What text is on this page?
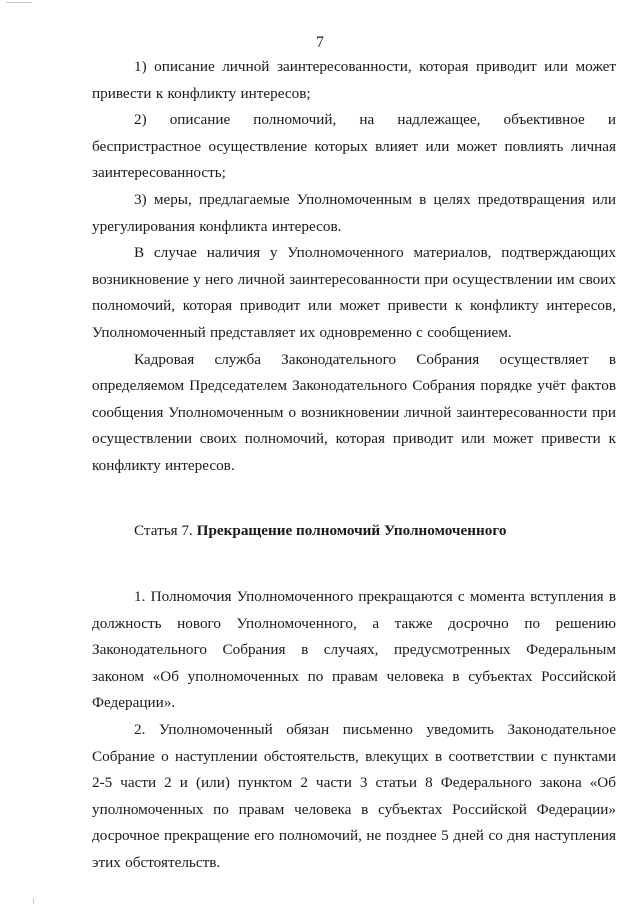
7

1) описание личной заинтересованности, которая приводит или может привести к конфликту интересов;

2) описание полномочий, на надлежащее, объективное и беспристрастное осуществление которых влияет или может повлиять личная заинтересованность;

3) меры, предлагаемые Уполномоченным в целях предотвращения или урегулирования конфликта интересов.

В случае наличия у Уполномоченного материалов, подтверждающих возникновение у него личной заинтересованности при осуществлении им своих полномочий, которая приводит или может привести к конфликту интересов, Уполномоченный представляет их одновременно с сообщением.

Кадровая служба Законодательного Собрания осуществляет в определяемом Председателем Законодательного Собрания порядке учёт фактов сообщения Уполномоченным о возникновении личной заинтересованности при осуществлении своих полномочий, которая приводит или может привести к конфликту интересов.

Статья 7. Прекращение полномочий Уполномоченного

1. Полномочия Уполномоченного прекращаются с момента вступления в должность нового Уполномоченного, а также досрочно по решению Законодательного Собрания в случаях, предусмотренных Федеральным законом «Об уполномоченных по правам человека в субъектах Российской Федерации».

2. Уполномоченный обязан письменно уведомить Законодательное Собрание о наступлении обстоятельств, влекущих в соответствии с пунктами 2-5 части 2 и (или) пунктом 2 части 3 статьи 8 Федерального закона «Об уполномоченных по правам человека в субъектах Российской Федерации» досрочное прекращение его полномочий, не позднее 5 дней со дня наступления этих обстоятельств.
